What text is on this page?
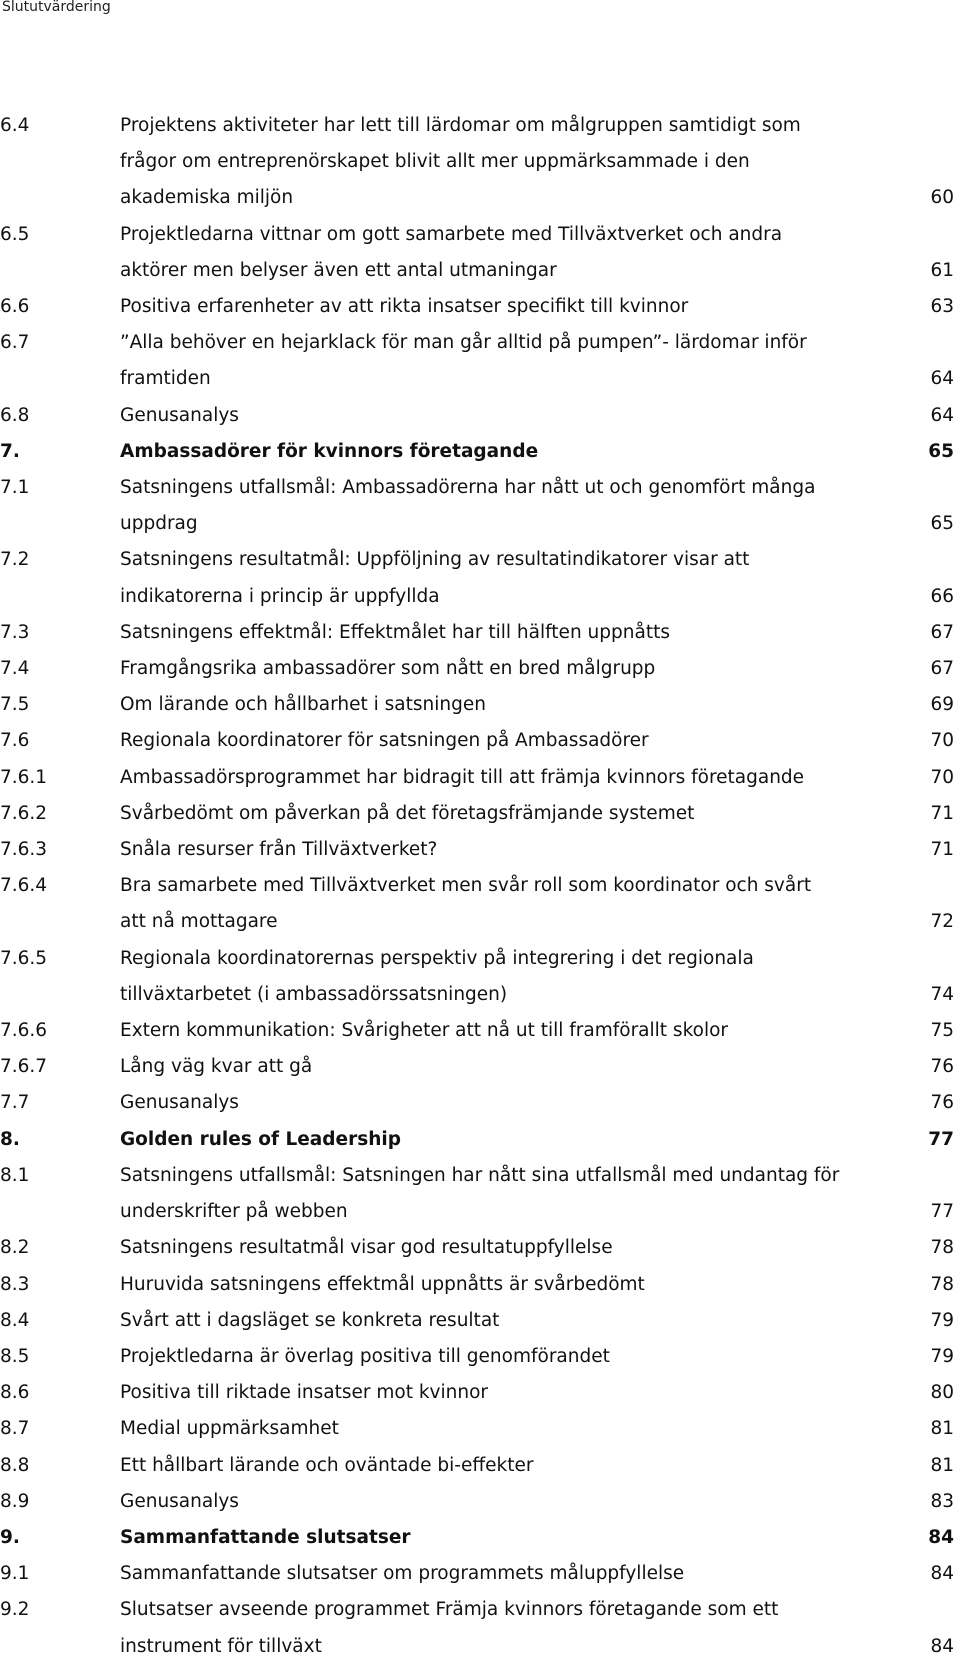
Slututvärdering
6.4	Projektens aktiviteter har lett till lärdomar om målgruppen samtidigt som
frågor om entreprenörskapet blivit allt mer uppmärksammade i den
akademiska miljön	60
6.5	Projektledarna vittnar om gott samarbete med Tillväxtverket och andra
aktörer men belyser även ett antal utmaningar	61
6.6	Positiva erfarenheter av att rikta insatser specifikt till kvinnor	63
6.7	”Alla behöver en hejarklack för man går alltid på pumpen”- lärdomar inför
framtiden	64
6.8	Genusanalys	64
7.	Ambassadörer för kvinnors företagande	65
7.1	Satsningens utfallsmål: Ambassadörerna har nått ut och genomfört många
uppdrag	65
7.2	Satsningens resultatmål: Uppföljning av resultatindikatorer visar att
indikatorerna i princip är uppfyllda	66
7.3	Satsningens effektmål: Effektmålet har till hälften uppnåtts	67
7.4	Framgångsrika ambassadörer som nått en bred målgrupp	67
7.5	Om lärande och hållbarhet i satsningen	69
7.6	Regionala koordinatorer för satsningen på Ambassadörer	70
7.6.1	Ambassadörsprogrammet har bidragit till att främja kvinnors företagande	70
7.6.2	Svårbedömt om påverkan på det företagsfrämjande systemet	71
7.6.3	Snåla resurser från Tillväxtverket?	71
7.6.4	Bra samarbete med Tillväxtverket men svår roll som koordinator och svårt
att nå mottagare	72
7.6.5	Regionala koordinatorernas perspektiv på integrering i det regionala
tillväxtarbetet (i ambassadörssatsningen)	74
7.6.6	Extern kommunikation: Svårigheter att nå ut till framförallt skolor	75
7.6.7	Lång väg kvar att gå	76
7.7	Genusanalys	76
8.	Golden rules of Leadership	77
8.1	Satsningens utfallsmål: Satsningen har nått sina utfallsmål med undantag för
underskrifter på webben	77
8.2	Satsningens resultatmål visar god resultatuppfyllelse	78
8.3	Huruvida satsningens effektmål uppnåtts är svårbedömt	78
8.4	Svårt att i dagsläget se konkreta resultat	79
8.5	Projektledarna är överlag positiva till genomförandet	79
8.6	Positiva till riktade insatser mot kvinnor	80
8.7	Medial uppmärksamhet	81
8.8	Ett hållbart lärande och oväntade bi-effekter	81
8.9	Genusanalys	83
9.	Sammanfattande slutsatser	84
9.1	Sammanfattande slutsatser om programmets måluppfyllelse	84
9.2	Slutsatser avseende programmet Främja kvinnors företagande som ett
instrument för tillväxt	84
